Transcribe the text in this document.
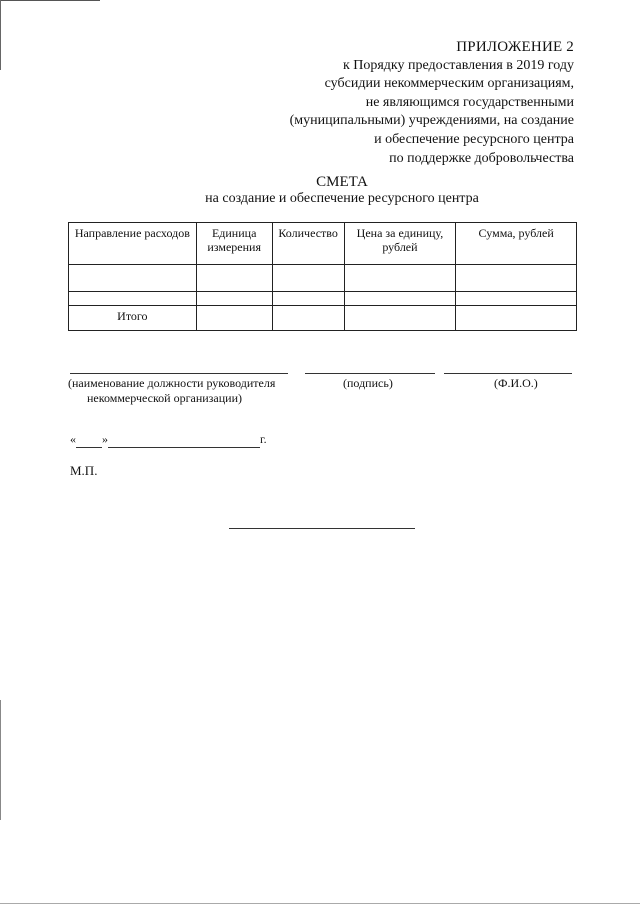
ПРИЛОЖЕНИЕ 2
к Порядку предоставления в 2019 году
субсидии некоммерческим организациям,
не являющимся государственными
(муниципальными) учреждениями, на создание
и обеспечение ресурсного центра
по поддержке добровольчества
СМЕТА
на создание и обеспечение ресурсного центра
Направление расходов	Единица измерения	Количество	Цена за единицу, рублей	Сумма, рублей

Итого				
(наименование должности руководителя
некоммерческой организации)
(подпись)	(Ф.И.О.)
« »	г.
М.П.
